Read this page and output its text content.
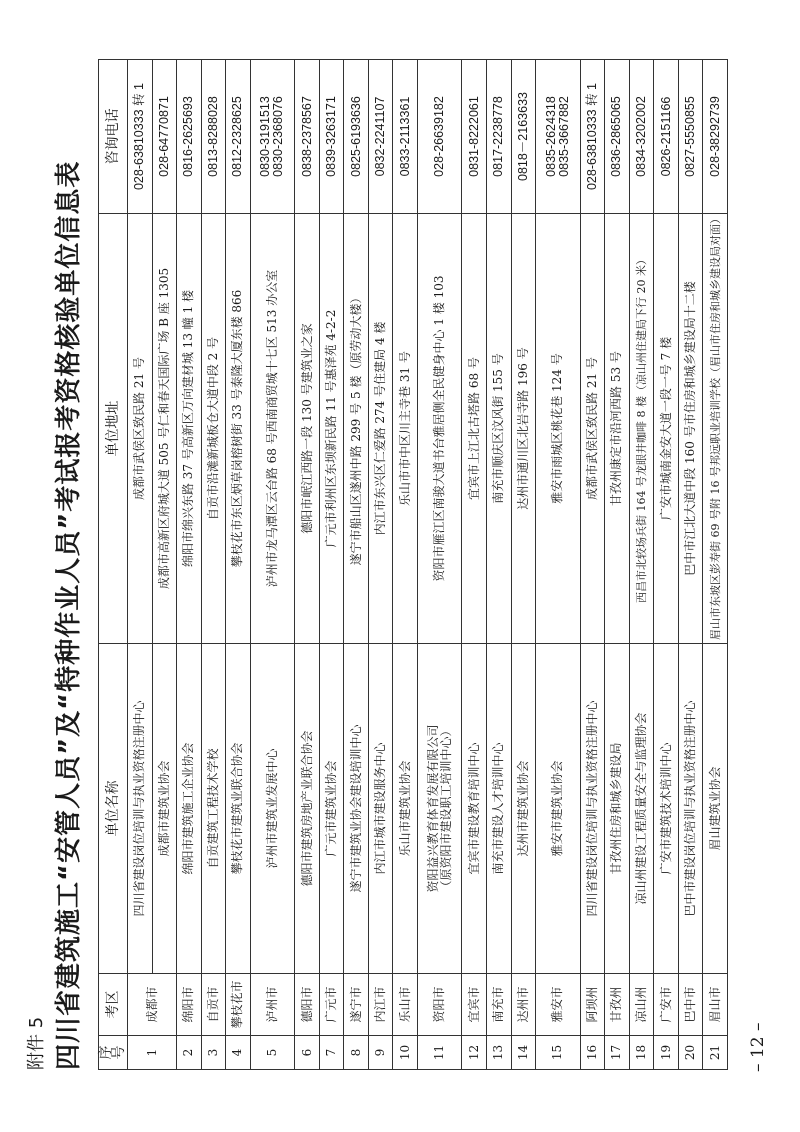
附件 5 四川省建筑施工“安管人员”及“特种作业人员”考试报考资格核验单位信息表 序号	考区	单位名称	单位地址	咨询电话
1	成都市	四川省建设岗位培训与执业资格注册中心	成都市武侯区致民路 21 号	028-63810333 转 1
		成都市建筑业协会	成都市高新区府城大道 505 号仁和春天国际广场 B 座 1305	028-64770871
2	绵阳市	绵阳市建筑施工企业协会	绵阳市绵兴东路 37 号高新区万向建材城 13 幢 1 楼	0816-2625693
3	自贡市	自贡建筑工程技术学校	自贡市沿滩新城板仓大道中段 2 号	0813-8288028
4	攀枝花市	攀枝花市建筑业联合协会	攀枝花市东区炳草岗榕树街 33 号泰隆大厦东楼 866	0812-2328625
5	泸州市	泸州市建筑业发展中心	泸州市龙马潭区云台路 68 号西南商贸城十七区 513 办公室	0830-3191513
0830-2368076
6	德阳市	德阳市建筑房地产业联合协会	德阳市岷江西路一段 130 号建筑业之家	0838-2378567
7	广元市	广元市建筑业协会	广元市利州区东坝新民路 11 号惠泽苑 4-2-2	0839-3263171
8	遂宁市	遂宁市建筑业协会建设培训中心	遂宁市船山区遂州中路 299 号 5 楼（原劳动大楼）	0825-6193636
9	内江市	内江市城市建设服务中心	内江市东兴区仁爱路 274 号住建局 4 楼	0832-2241107
10	乐山市	乐山市建筑业协会	乐山市市中区川主寺巷 31 号	0833-2113361
11	资阳市	资阳益兴教育体育发展有限公司
（原资阳市建设职工培训中心）	资阳市雁江区南骏大道书台雅居侧全民健身中心 1 楼 103	028-26639182
12	宜宾市	宜宾市建设教育培训中心	宜宾市上江北古塔路 68 号	0831-8222061
13	南充市	南充市建设人才培训中心	南充市顺庆区汶风街 155 号	0817-2238778
14	达州市	达州市建筑业协会	达州市通川区北岩寺路 196 号	0818－2163633
15	雅安市	雅安市建筑业协会	雅安市雨城区桃花巷 124 号	0835-2624318
0835-3667882
16	阿坝州	四川省建设岗位培训与执业资格注册中心	成都市武侯区致民路 21 号	028-63810333 转 1
17	甘孜州	甘孜州住房和城乡建设局	甘孜州康定市沿河西路 53 号	0836-2865065
18	凉山州	凉山州建设工程质量安全与监理协会	西昌市北较场兵街 164 号龙眼井咖啡 8 楼（凉山州住建局下行 20 米）	0834-3202002
19	广安市	广安市建筑技术培训中心	广安市城南金安大道一段一号 7 楼	0826-2151166
20	巴中市	巴中市建设岗位培训与执业资格注册中心	巴中市江北大道中段 160 号市住房和城乡建设局十二楼	0827-5550855
21	眉山市	眉山建筑业协会	眉山市东坡区彭寿街 69 号附 16 号邦远职业培训学校（眉山市住房和城乡建设局对面）	028-38292739
– 12 –
